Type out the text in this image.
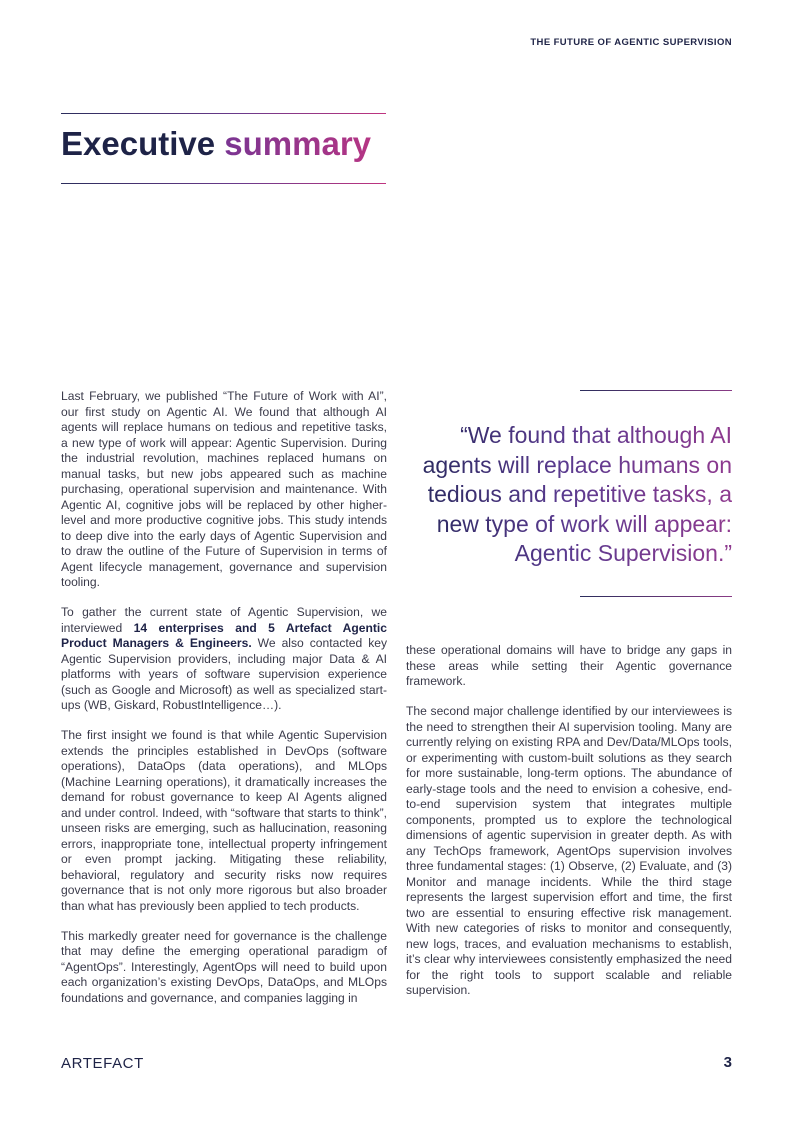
THE FUTURE OF AGENTIC SUPERVISION
Executive summary

“We found that although AI agents will replace humans on tedious and repetitive tasks, a new type of work will appear: Agentic Supervision.”

Last February, we published “The Future of Work with AI”, our first study on Agentic AI. We found that although AI agents will replace humans on tedious and repetitive tasks, a new type of work will appear: Agentic Supervision. During the industrial revolution, machines replaced humans on manual tasks, but new jobs appeared such as machine purchasing, operational supervision and maintenance. With Agentic AI, cognitive jobs will be replaced by other higher-level and more productive cognitive jobs. This study intends to deep dive into the early days of Agentic Supervision and to draw the outline of the Future of Supervision in terms of Agent lifecycle management, governance and supervision tooling.

To gather the current state of Agentic Supervision, we interviewed 14 enterprises and 5 Artefact Agentic Product Managers & Engineers. We also contacted key Agentic Supervision providers, including major Data & AI platforms with years of software supervision experience (such as Google and Microsoft) as well as specialized start-ups (WB, Giskard, RobustIntelligence…).

The first insight we found is that while Agentic Supervision extends the principles established in DevOps (software operations), DataOps (data operations), and MLOps (Machine Learning operations), it dramatically increases the demand for robust governance to keep AI Agents aligned and under control. Indeed, with “software that starts to think”, unseen risks are emerging, such as hallucination, reasoning errors, inappropriate tone, intellectual property infringement or even prompt jacking. Mitigating these reliability, behavioral, regulatory and security risks now requires governance that is not only more rigorous but also broader than what has previously been applied to tech products.

This markedly greater need for governance is the challenge that may define the emerging operational paradigm of “AgentOps”. Interestingly, AgentOps will need to build upon each organization’s existing DevOps, DataOps, and MLOps foundations and governance, and companies lagging in

these operational domains will have to bridge any gaps in these areas while setting their Agentic governance framework.

The second major challenge identified by our interviewees is the need to strengthen their AI supervision tooling. Many are currently relying on existing RPA and Dev/Data/MLOps tools, or experimenting with custom-built solutions as they search for more sustainable, long-term options. The abundance of early-stage tools and the need to envision a cohesive, end-to-end supervision system that integrates multiple components, prompted us to explore the technological dimensions of agentic supervision in greater depth. As with any TechOps framework, AgentOps supervision involves three fundamental stages: (1) Observe, (2) Evaluate, and (3) Monitor and manage incidents. While the third stage represents the largest supervision effort and time, the first two are essential to ensuring effective risk management. With new categories of risks to monitor and consequently, new logs, traces, and evaluation mechanisms to establish, it’s clear why interviewees consistently emphasized the need for the right tools to support scalable and reliable supervision.

ARTEFACT	3
